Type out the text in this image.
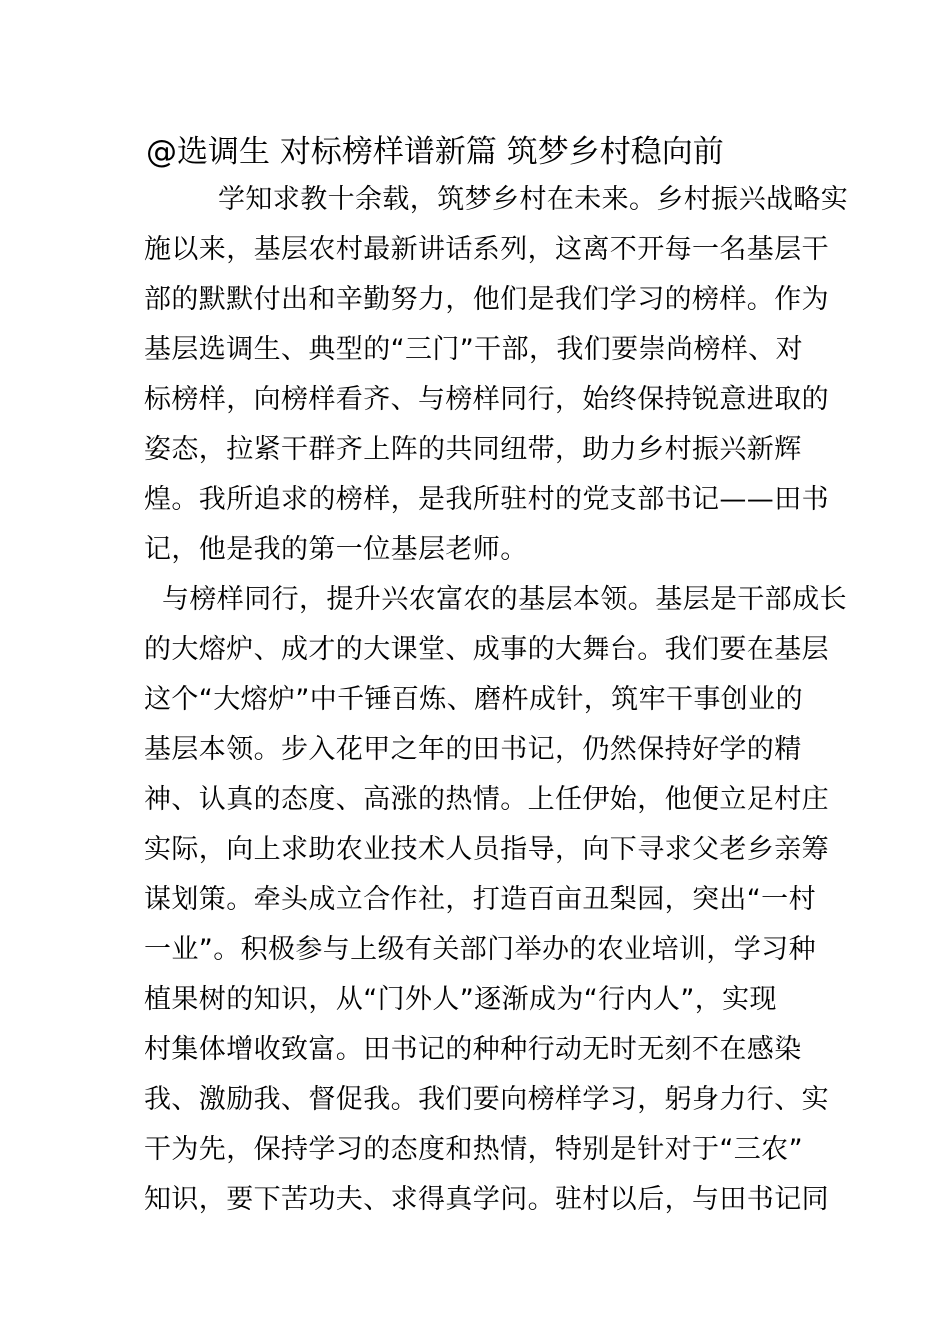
@选调生 对标榜样谱新篇 筑梦乡村稳向前
学知求教十余载，筑梦乡村在未来。乡村振兴战略实
施以来，基层农村最新讲话系列，这离不开每一名基层干
部的默默付出和辛勤努力，他们是我们学习的榜样。作为
基层选调生、典型的“三门”干部，我们要崇尚榜样、对
标榜样，向榜样看齐、与榜样同行，始终保持锐意进取的
姿态，拉紧干群齐上阵的共同纽带，助力乡村振兴新辉
煌。我所追求的榜样，是我所驻村的党支部书记——田书
记，他是我的第一位基层老师。
与榜样同行，提升兴农富农的基层本领。基层是干部成长
的大熔炉、成才的大课堂、成事的大舞台。我们要在基层
这个“大熔炉”中千锤百炼、磨杵成针，筑牢干事创业的
基层本领。步入花甲之年的田书记，仍然保持好学的精
神、认真的态度、高涨的热情。上任伊始，他便立足村庄
实际，向上求助农业技术人员指导，向下寻求父老乡亲筹
谋划策。牵头成立合作社，打造百亩丑梨园，突出“一村
一业”。积极参与上级有关部门举办的农业培训，学习种
植果树的知识，从“门外人”逐渐成为“行内人”，实现
村集体增收致富。田书记的种种行动无时无刻不在感染
我、激励我、督促我。我们要向榜样学习，躬身力行、实
干为先，保持学习的态度和热情，特别是针对于“三农”
知识，要下苦功夫、求得真学问。驻村以后，与田书记同
